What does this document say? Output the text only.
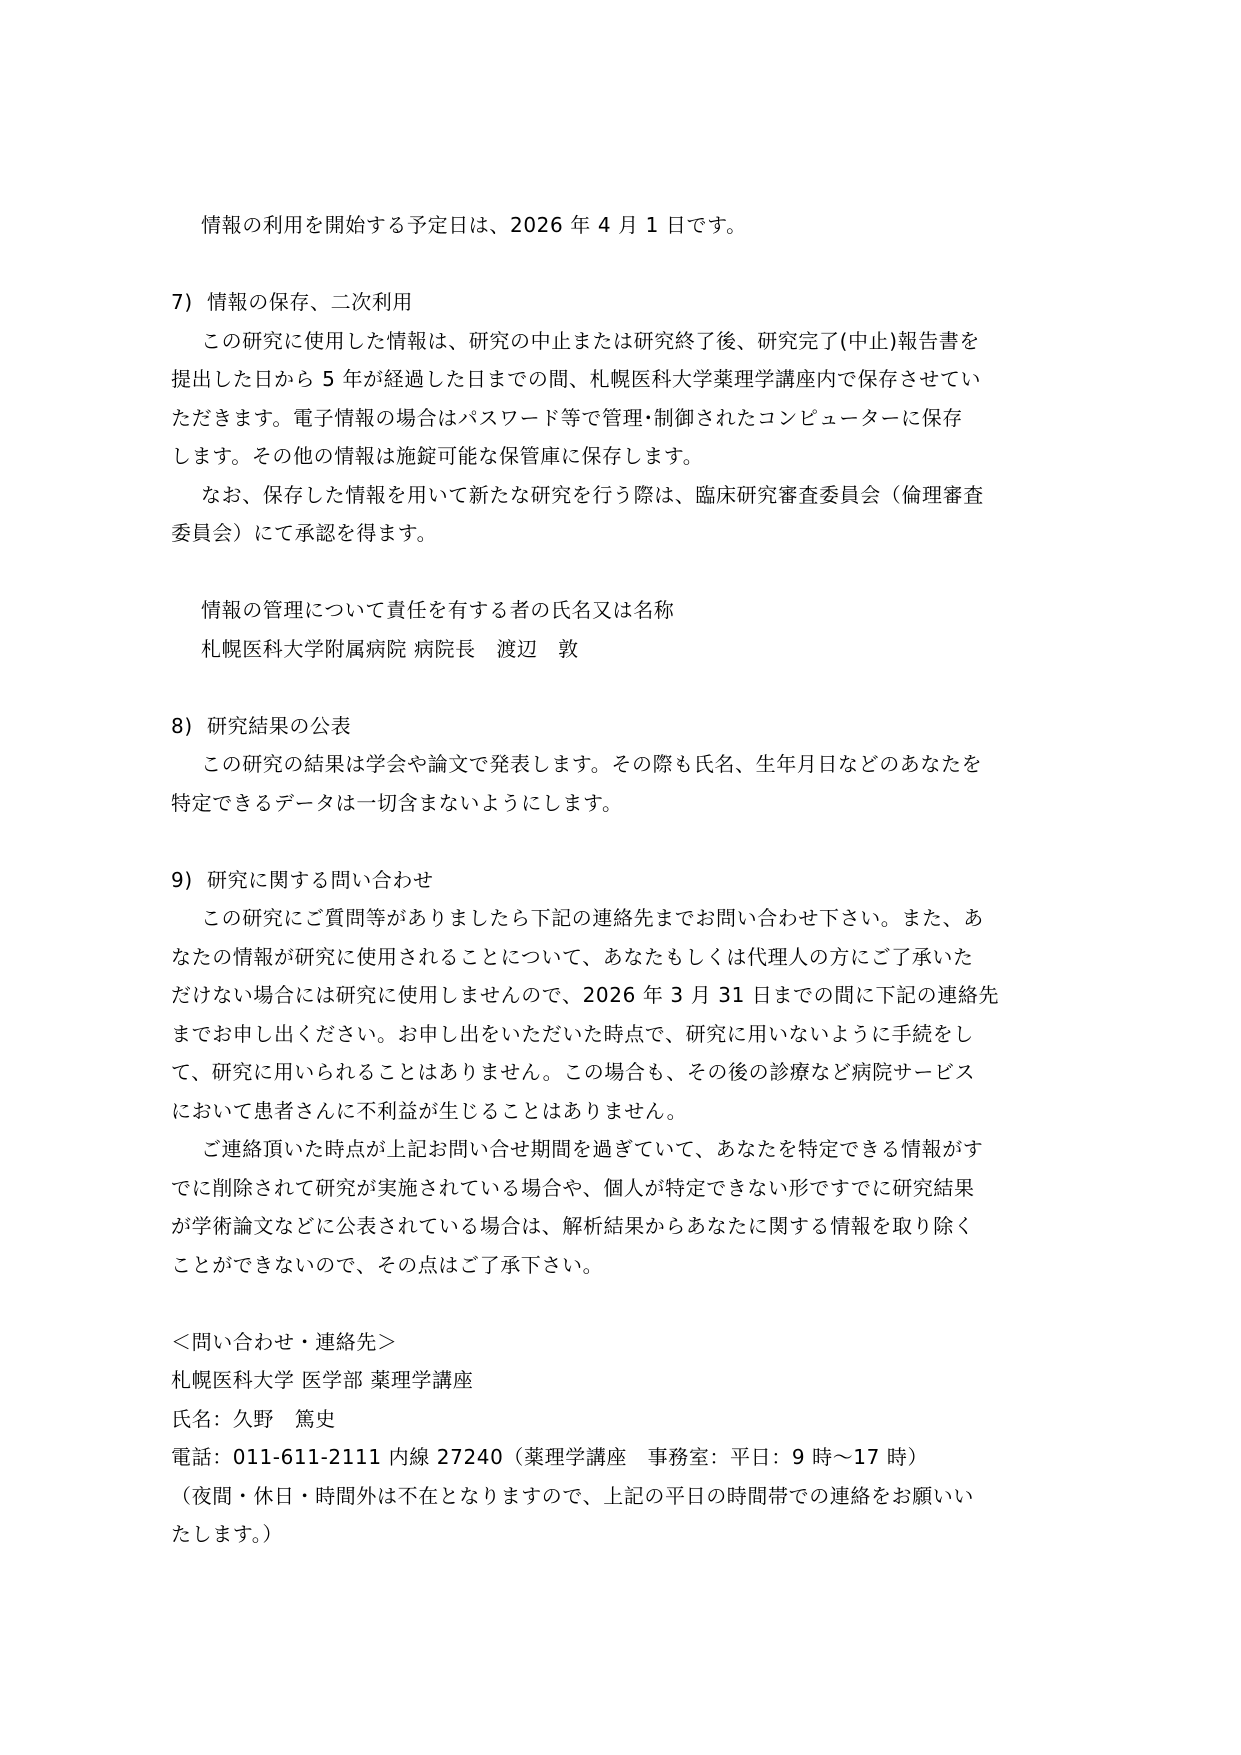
情報の利用を開始する予定日は、2026 年 4 月 1 日です。
7) 情報の保存、二次利用
この研究に使用した情報は、研究の中止または研究終了後、研究完了(中止)報告書を
提出した日から 5 年が経過した日までの間、札幌医科大学薬理学講座内で保存させてい
ただきます。電子情報の場合はパスワード等で管理･制御されたコンピューターに保存
します。その他の情報は施錠可能な保管庫に保存します。
なお、保存した情報を用いて新たな研究を行う際は、臨床研究審査委員会（倫理審査
委員会）にて承認を得ます。
情報の管理について責任を有する者の氏名又は名称
札幌医科大学附属病院 病院長　渡辺　敦
8) 研究結果の公表
この研究の結果は学会や論文で発表します。その際も氏名、生年月日などのあなたを
特定できるデータは一切含まないようにします。
9) 研究に関する問い合わせ
この研究にご質問等がありましたら下記の連絡先までお問い合わせ下さい。また、あ
なたの情報が研究に使用されることについて、あなたもしくは代理人の方にご了承いた
だけない場合には研究に使用しませんので、2026 年 3 月 31 日までの間に下記の連絡先
までお申し出ください。お申し出をいただいた時点で、研究に用いないように手続をし
て、研究に用いられることはありません。この場合も、その後の診療など病院サービス
において患者さんに不利益が生じることはありません。
ご連絡頂いた時点が上記お問い合せ期間を過ぎていて、あなたを特定できる情報がす
でに削除されて研究が実施されている場合や、個人が特定できない形ですでに研究結果
が学術論文などに公表されている場合は、解析結果からあなたに関する情報を取り除く
ことができないので、その点はご了承下さい。
＜問い合わせ・連絡先＞
札幌医科大学 医学部 薬理学講座
氏名：久野　篤史
電話：011-611-2111 内線 27240（薬理学講座　事務室：平日：9 時～17 時）
（夜間・休日・時間外は不在となりますので、上記の平日の時間帯での連絡をお願いい
たします。）
